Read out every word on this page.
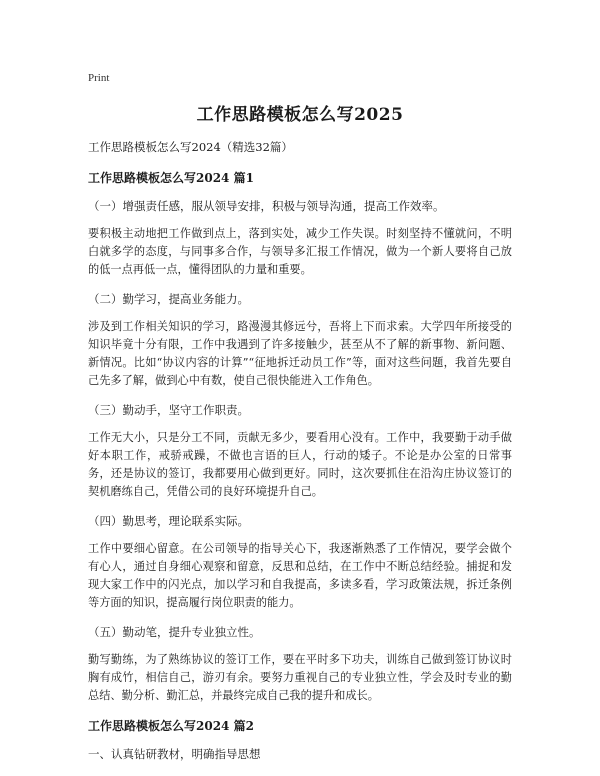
Print
工作思路模板怎么写2025
工作思路模板怎么写2024（精选32篇）
工作思路模板怎么写2024 篇1
（一）增强责任感，服从领导安排，积极与领导沟通，提高工作效率。
要积极主动地把工作做到点上，落到实处，减少工作失误。时刻坚持不懂就问，不明白就多学的态度，与同事多合作，与领导多汇报工作情况，做为一个新人要将自己放的低一点再低一点，懂得团队的力量和重要。
（二）勤学习，提高业务能力。
涉及到工作相关知识的学习，路漫漫其修远兮，吾将上下而求索。大学四年所接受的知识毕竟十分有限，工作中我遇到了许多接触少，甚至从不了解的新事物、新问题、新情况。比如“协议内容的计算”“征地拆迁动员工作”等，面对这些问题，我首先要自己先多了解，做到心中有数，使自己很快能进入工作角色。
（三）勤动手，坚守工作职责。
工作无大小，只是分工不同，贡献无多少，要看用心没有。工作中，我要勤于动手做好本职工作，戒骄戒躁，不做也言语的巨人，行动的矮子。不论是办公室的日常事务，还是协议的签订，我都要用心做到更好。同时，这次要抓住在沿沟庄协议签订的契机磨练自己，凭借公司的良好环境提升自己。
（四）勤思考，理论联系实际。
工作中要细心留意。在公司领导的指导关心下，我逐渐熟悉了工作情况，要学会做个有心人，通过自身细心观察和留意，反思和总结，在工作中不断总结经验。捕捉和发现大家工作中的闪光点，加以学习和自我提高，多读多看，学习政策法规，拆迁条例等方面的知识，提高履行岗位职责的能力。
（五）勤动笔，提升专业独立性。
勤写勤练，为了熟练协议的签订工作，要在平时多下功夫，训练自己做到签订协议时胸有成竹，相信自己，游刃有余。要努力重视自己的专业独立性，学会及时专业的勤总结、勤分析、勤汇总，并最终完成自己我的提升和成长。
工作思路模板怎么写2024 篇2
一、认真钻研教材，明确指导思想
